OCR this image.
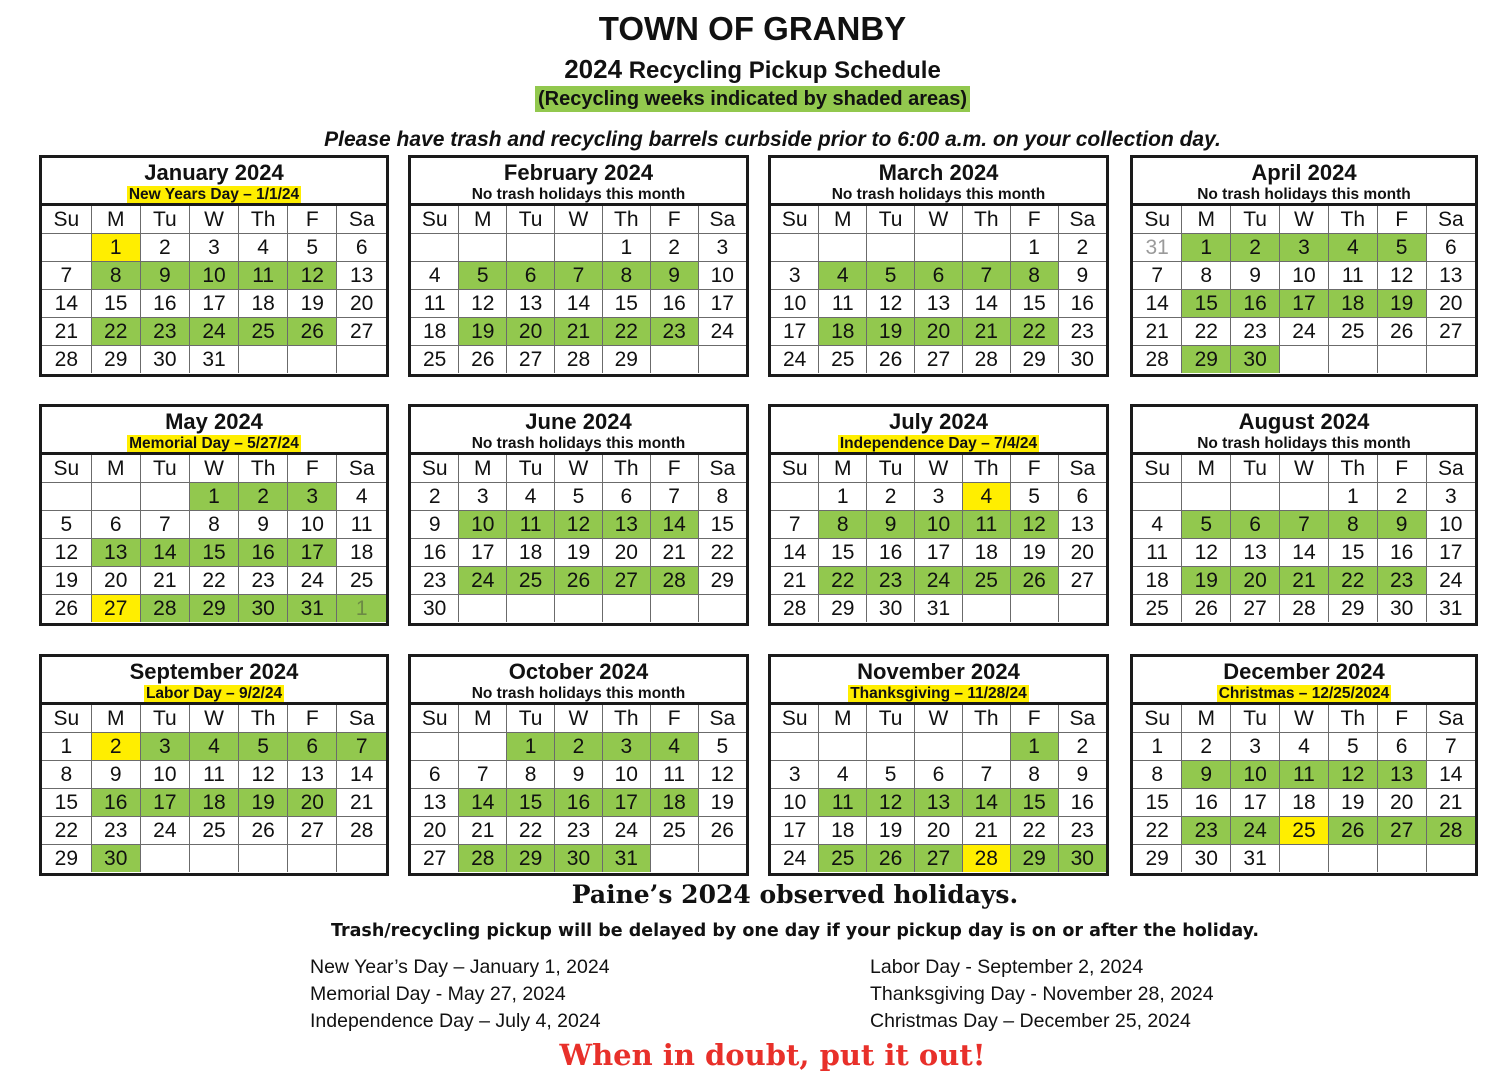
TOWN OF GRANBY
2024 Recycling Pickup Schedule
(Recycling weeks indicated by shaded areas)
Please have trash and recycling barrels curbside prior to 6:00 a.m. on your collection day.
January 2024
New Years Day – 1/1/24
Su	M	Tu	W	Th	F	Sa
	1	2	3	4	5	6
7	8	9	10	11	12	13
14	15	16	17	18	19	20
21	22	23	24	25	26	27
28	29	30	31			
February 2024
No trash holidays this month
Su	M	Tu	W	Th	F	Sa
				1	2	3
4	5	6	7	8	9	10
11	12	13	14	15	16	17
18	19	20	21	22	23	24
25	26	27	28	29		
March 2024
No trash holidays this month
Su	M	Tu	W	Th	F	Sa
					1	2
3	4	5	6	7	8	9
10	11	12	13	14	15	16
17	18	19	20	21	22	23
24	25	26	27	28	29	30
April 2024
No trash holidays this month
Su	M	Tu	W	Th	F	Sa
31	1	2	3	4	5	6
7	8	9	10	11	12	13
14	15	16	17	18	19	20
21	22	23	24	25	26	27
28	29	30				
May 2024
Memorial Day – 5/27/24
Su	M	Tu	W	Th	F	Sa
			1	2	3	4
5	6	7	8	9	10	11
12	13	14	15	16	17	18
19	20	21	22	23	24	25
26	27	28	29	30	31	1
June 2024
No trash holidays this month
Su	M	Tu	W	Th	F	Sa
2	3	4	5	6	7	8
9	10	11	12	13	14	15
16	17	18	19	20	21	22
23	24	25	26	27	28	29
30						
July 2024
Independence Day – 7/4/24
Su	M	Tu	W	Th	F	Sa
	1	2	3	4	5	6
7	8	9	10	11	12	13
14	15	16	17	18	19	20
21	22	23	24	25	26	27
28	29	30	31			
August 2024
No trash holidays this month
Su	M	Tu	W	Th	F	Sa
				1	2	3
4	5	6	7	8	9	10
11	12	13	14	15	16	17
18	19	20	21	22	23	24
25	26	27	28	29	30	31
September 2024
Labor Day – 9/2/24
Su	M	Tu	W	Th	F	Sa
1	2	3	4	5	6	7
8	9	10	11	12	13	14
15	16	17	18	19	20	21
22	23	24	25	26	27	28
29	30					
October 2024
No trash holidays this month
Su	M	Tu	W	Th	F	Sa
		1	2	3	4	5
6	7	8	9	10	11	12
13	14	15	16	17	18	19
20	21	22	23	24	25	26
27	28	29	30	31		
November 2024
Thanksgiving – 11/28/24
Su	M	Tu	W	Th	F	Sa
					1	2
3	4	5	6	7	8	9
10	11	12	13	14	15	16
17	18	19	20	21	22	23
24	25	26	27	28	29	30
December 2024
Christmas – 12/25/2024
Su	M	Tu	W	Th	F	Sa
1	2	3	4	5	6	7
8	9	10	11	12	13	14
15	16	17	18	19	20	21
22	23	24	25	26	27	28
29	30	31				
Paine’s 2024 observed holidays.
Trash/recycling pickup will be delayed by one day if your pickup day is on or after the holiday.
New Year’s Day – January 1, 2024
Memorial Day - May 27, 2024
Independence Day – July 4, 2024
Labor Day - September 2, 2024
Thanksgiving Day - November 28, 2024
Christmas Day – December 25, 2024
When in doubt, put it out!
